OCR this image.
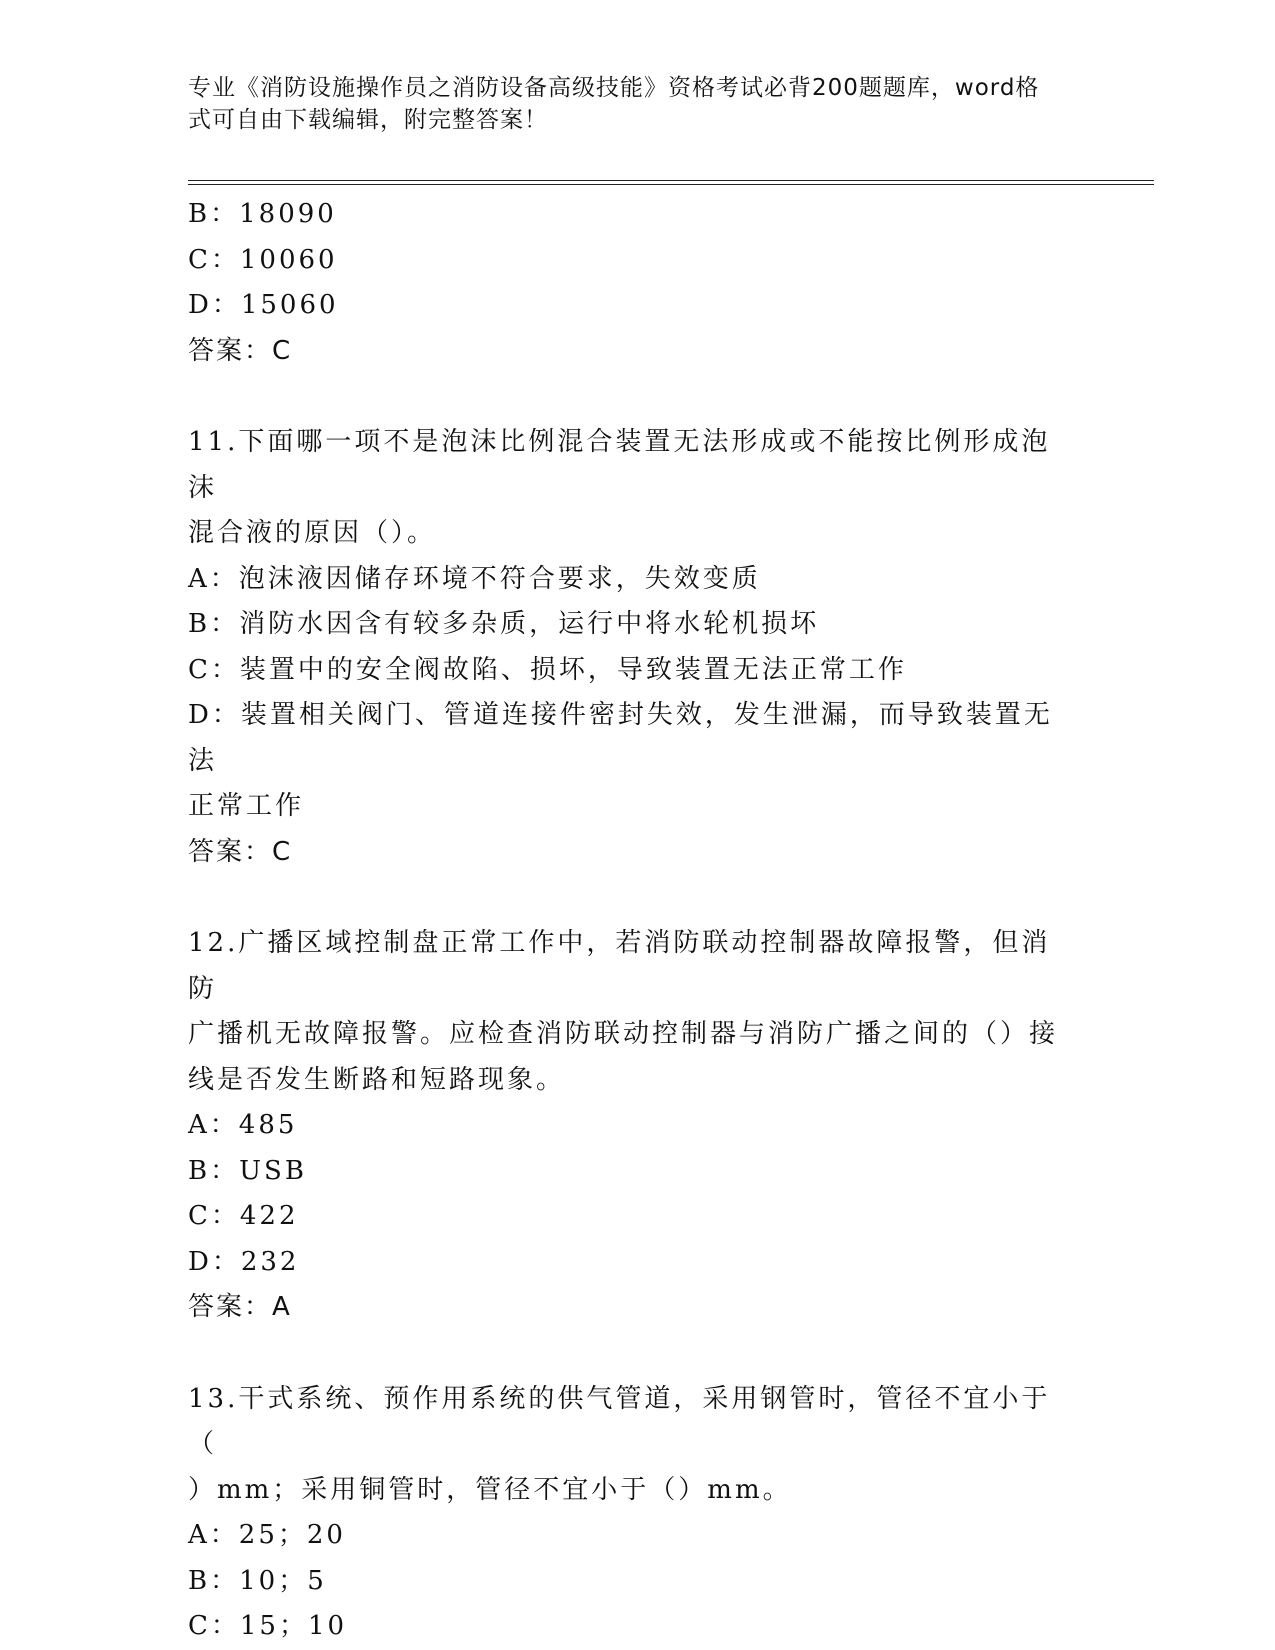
专业《消防设施操作员之消防设备高级技能》资格考试必背200题题库，word格
式可自由下载编辑，附完整答案！
B：18090
C：10060
D：15060
答案：C
11.下面哪一项不是泡沫比例混合装置无法形成或不能按比例形成泡沫
混合液的原因（）。
A：泡沫液因储存环境不符合要求，失效变质
B：消防水因含有较多杂质，运行中将水轮机损坏
C：装置中的安全阀故陷、损坏，导致装置无法正常工作
D：装置相关阀门、管道连接件密封失效，发生泄漏，而导致装置无法
正常工作
答案：C
12.广播区域控制盘正常工作中，若消防联动控制器故障报警，但消防
广播机无故障报警。应检查消防联动控制器与消防广播之间的（）接
线是否发生断路和短路现象。
A：485
B：USB
C：422
D：232
答案：A
13.干式系统、预作用系统的供气管道，采用钢管时，管径不宜小于（
）mm；采用铜管时，管径不宜小于（）mm。
A：25；20
B：10；5
C：15；10
